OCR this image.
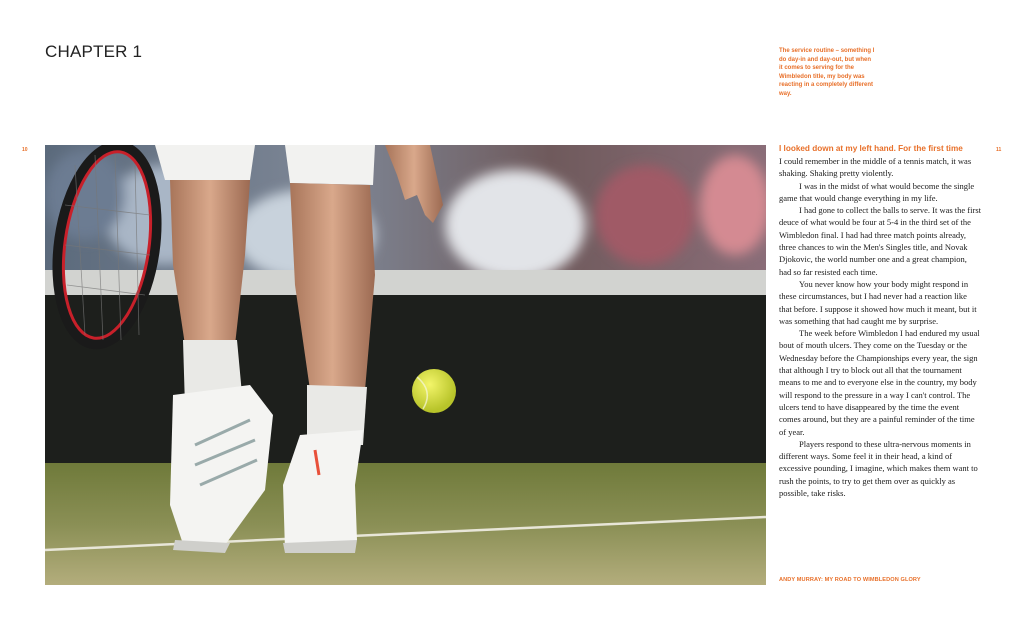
CHAPTER 1
10	11
The service routine – something I do day-in and day-out, but when it comes to serving for the Wimbledon title, my body was reacting in a completely different way.
I looked down at my left hand. For the first time

I could remember in the middle of a tennis match, it was shaking. Shaking pretty violently.

I was in the midst of what would become the single game that would change everything in my life.

I had gone to collect the balls to serve. It was the first deuce of what would be four at 5-4 in the third set of the Wimbledon final. I had had three match points already, three chances to win the Men's Singles title, and Novak Djokovic, the world number one and a great champion, had so far resisted each time.

You never know how your body might respond in these circumstances, but I had never had a reaction like that before. I suppose it showed how much it meant, but it was something that had caught me by surprise.

The week before Wimbledon I had endured my usual bout of mouth ulcers. They come on the Tuesday or the Wednesday before the Championships every year, the sign that although I try to block out all that the tournament means to me and to everyone else in the country, my body will respond to the pressure in a way I can't control. The ulcers tend to have disappeared by the time the event comes around, but they are a painful reminder of the time of year.

Players respond to these ultra-nervous moments in different ways. Some feel it in their head, a kind of excessive pounding, I imagine, which makes them want to rush the points, to try to get them over as quickly as possible, take risks.

ANDY MURRAY: MY ROAD TO WIMBLEDON GLORY
